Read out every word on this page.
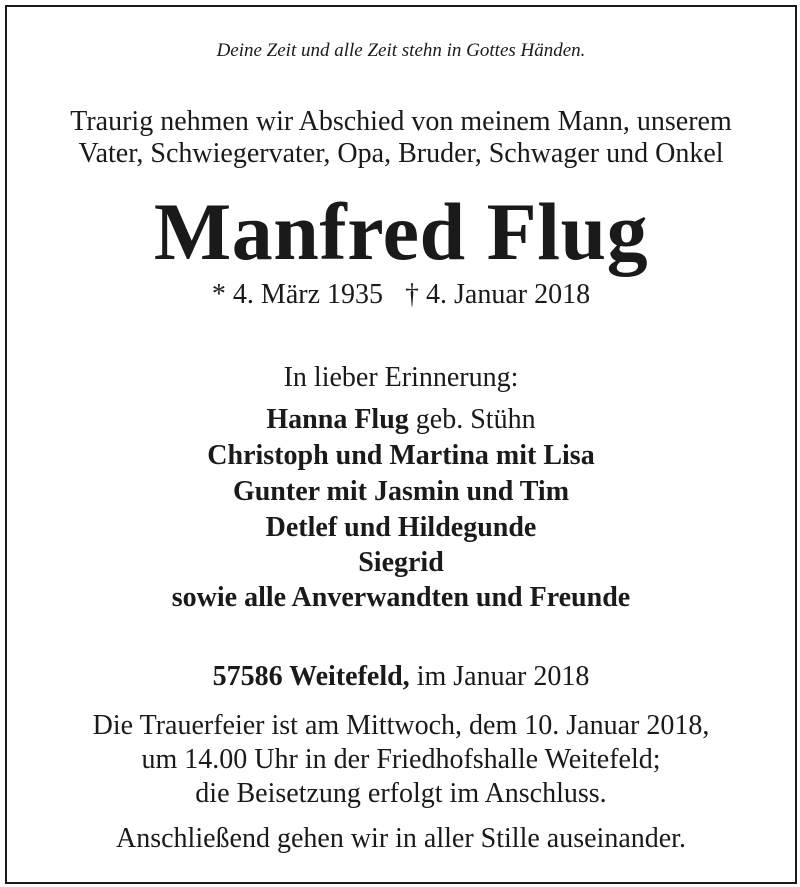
Deine Zeit und alle Zeit stehn in Gottes Händen.
Traurig nehmen wir Abschied von meinem Mann, unserem
Vater, Schwiegervater, Opa, Bruder, Schwager und Onkel
Manfred Flug
* 4. März 1935 † 4. Januar 2018
In lieber Erinnerung:
Hanna Flug geb. Stühn
Christoph und Martina mit Lisa
Gunter mit Jasmin und Tim
Detlef und Hildegunde
Siegrid
sowie alle Anverwandten und Freunde
57586 Weitefeld, im Januar 2018
Die Trauerfeier ist am Mittwoch, dem 10. Januar 2018,
um 14.00 Uhr in der Friedhofshalle Weitefeld;
die Beisetzung erfolgt im Anschluss.
Anschließend gehen wir in aller Stille auseinander.
